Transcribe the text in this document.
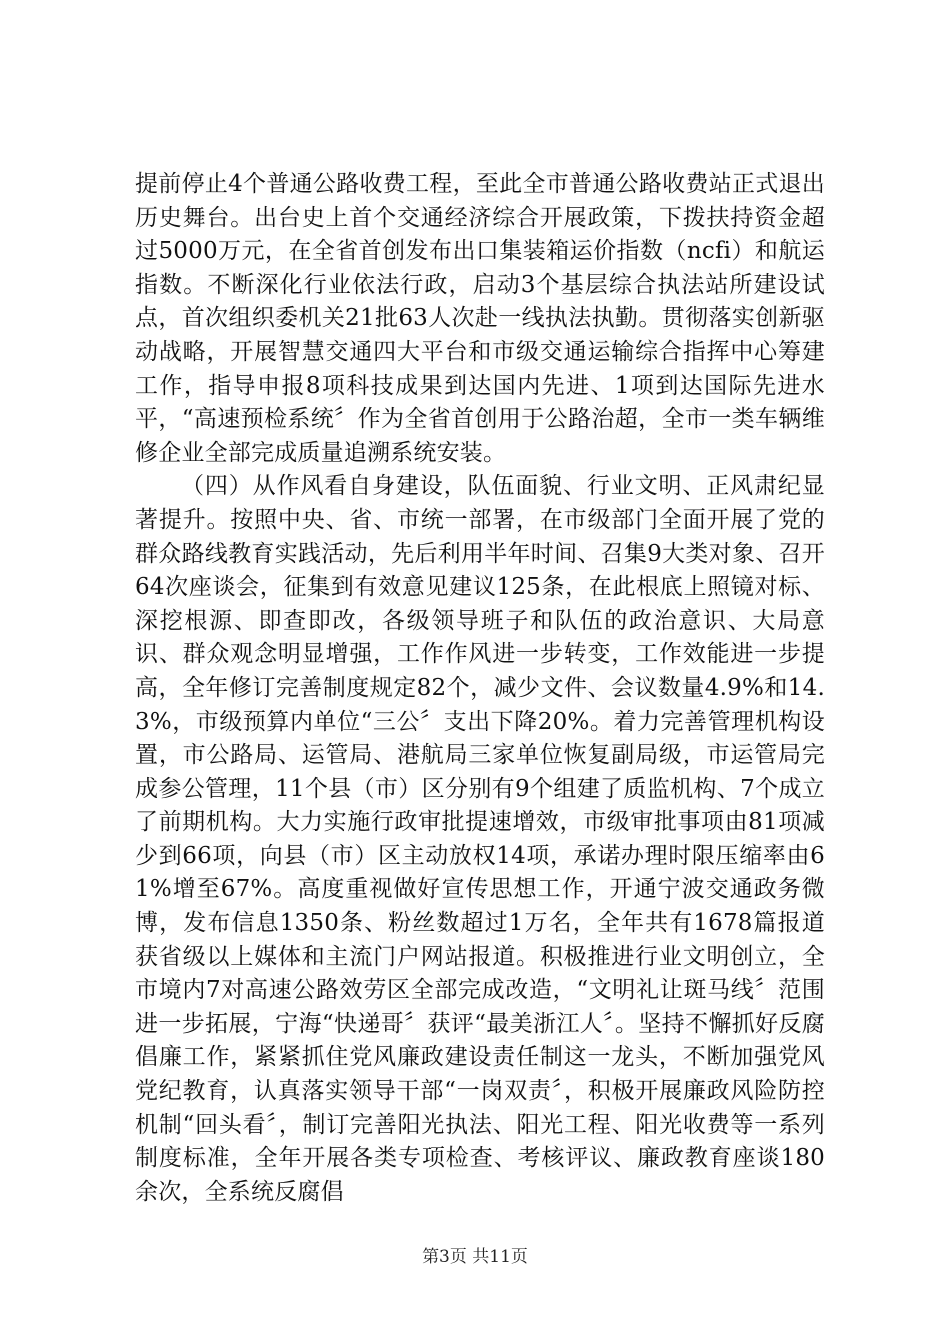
提前停止4个普通公路收费工程，至此全市普通公路收费站正式退出历史舞台。出台史上首个交通经济综合开展政策，下拨扶持资金超过5000万元，在全省首创发布出口集装箱运价指数（ncfi）和航运指数。不断深化行业依法行政，启动3个基层综合执法站所建设试点，首次组织委机关21批63人次赴一线执法执勤。贯彻落实创新驱动战略，开展智慧交通四大平台和市级交通运输综合指挥中心筹建工作，指导申报8项科技成果到达国内先进、1项到达国际先进水平，“高速预检系统〞作为全省首创用于公路治超，全市一类车辆维修企业全部完成质量追溯系统安装。

（四）从作风看自身建设，队伍面貌、行业文明、正风肃纪显著提升。按照中央、省、市统一部署，在市级部门全面开展了党的群众路线教育实践活动，先后利用半年时间、召集9大类对象、召开64次座谈会，征集到有效意见建议125条，在此根底上照镜对标、深挖根源、即查即改，各级领导班子和队伍的政治意识、大局意识、群众观念明显增强，工作作风进一步转变，工作效能进一步提高，全年修订完善制度规定82个，减少文件、会议数量4.9%和14.3%，市级预算内单位“三公〞支出下降20%。着力完善管理机构设置，市公路局、运管局、港航局三家单位恢复副局级，市运管局完成参公管理，11个县（市）区分别有9个组建了质监机构、7个成立了前期机构。大力实施行政审批提速增效，市级审批事项由81项减少到66项，向县（市）区主动放权14项，承诺办理时限压缩率由61%增至67%。高度重视做好宣传思想工作，开通宁波交通政务微博，发布信息1350条、粉丝数超过1万名，全年共有1678篇报道获省级以上媒体和主流门户网站报道。积极推进行业文明创立，全市境内7对高速公路效劳区全部完成改造，“文明礼让斑马线〞范围进一步拓展，宁海“快递哥〞获评“最美浙江人〞。坚持不懈抓好反腐倡廉工作，紧紧抓住党风廉政建设责任制这一龙头，不断加强党风党纪教育，认真落实领导干部“一岗双责〞，积极开展廉政风险防控机制“回头看〞，制订完善阳光执法、阳光工程、阳光收费等一系列制度标准，全年开展各类专项检查、考核评议、廉政教育座谈180余次，全系统反腐倡

第3页 共11页
